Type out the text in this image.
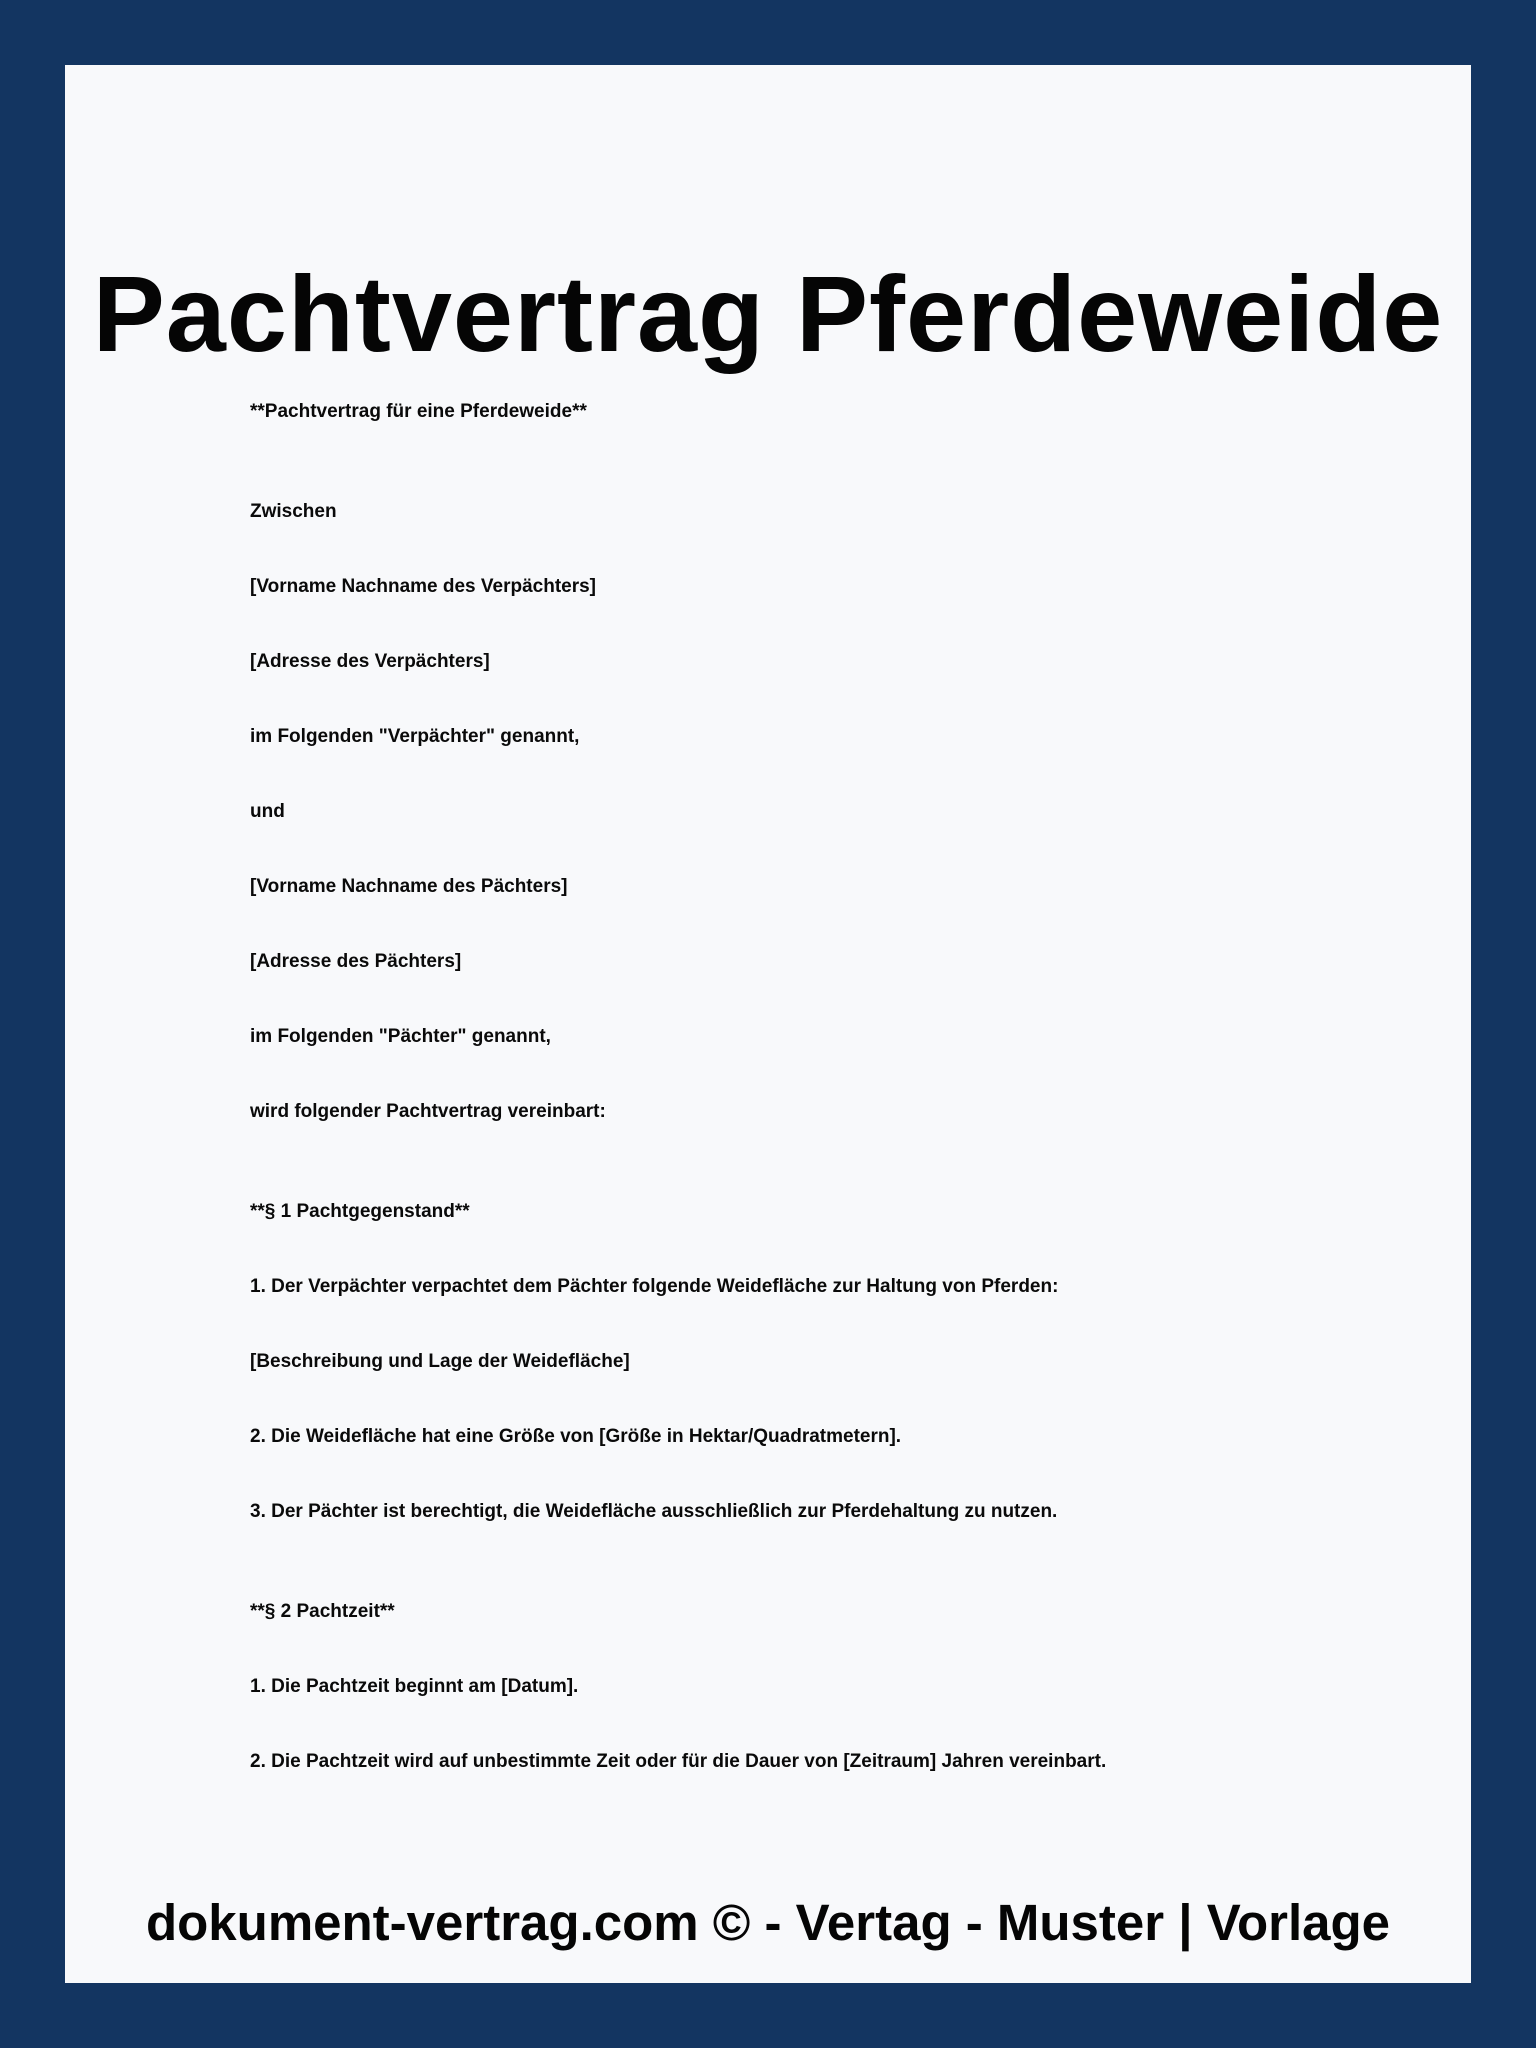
Pachtvertrag Pferdeweide

**Pachtvertrag für eine Pferdeweide**

Zwischen

[Vorname Nachname des Verpächters]

[Adresse des Verpächters]

im Folgenden "Verpächter" genannt,

und

[Vorname Nachname des Pächters]

[Adresse des Pächters]

im Folgenden "Pächter" genannt,

wird folgender Pachtvertrag vereinbart:

**§ 1 Pachtgegenstand**

1. Der Verpächter verpachtet dem Pächter folgende Weidefläche zur Haltung von Pferden:

[Beschreibung und Lage der Weidefläche]

2. Die Weidefläche hat eine Größe von [Größe in Hektar/Quadratmetern].

3. Der Pächter ist berechtigt, die Weidefläche ausschließlich zur Pferdehaltung zu nutzen.

**§ 2 Pachtzeit**

1. Die Pachtzeit beginnt am [Datum].

2. Die Pachtzeit wird auf unbestimmte Zeit oder für die Dauer von [Zeitraum] Jahren vereinbart.

dokument-vertrag.com © - Vertag - Muster | Vorlage
